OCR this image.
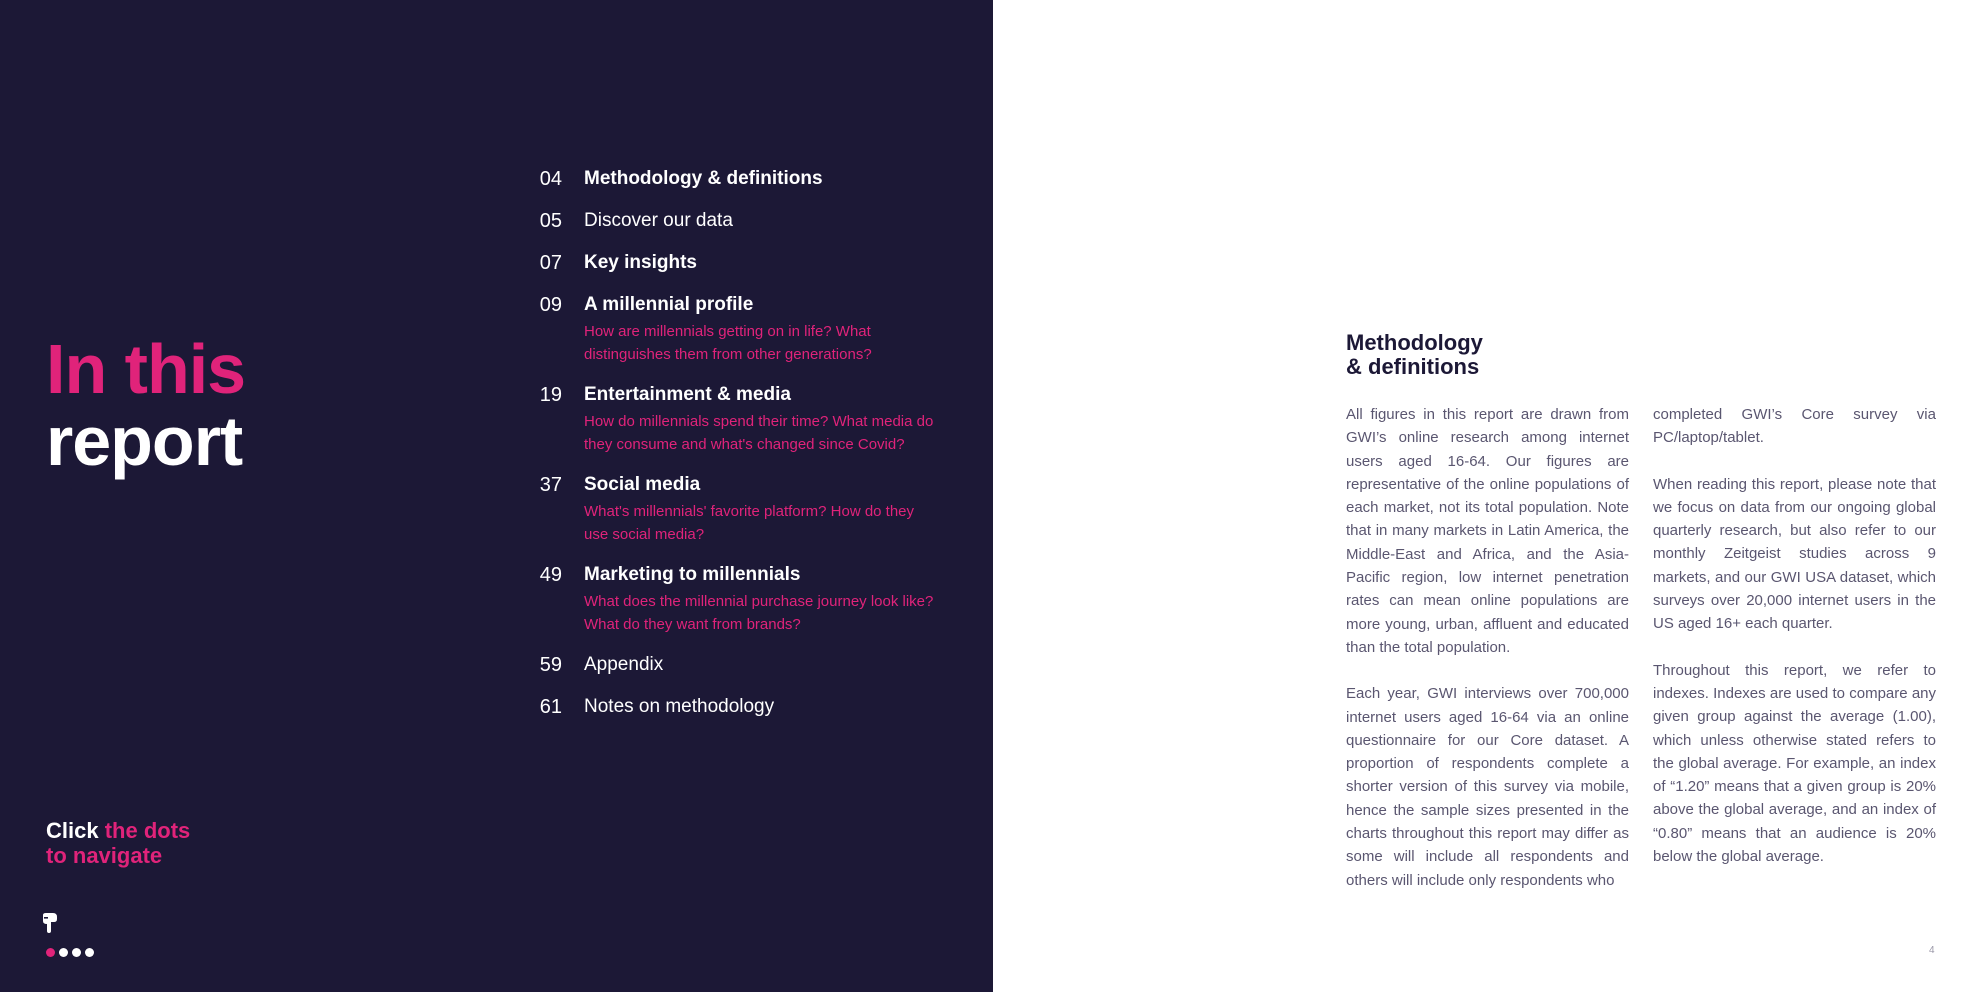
In this
report
04 Methodology & definitions
05 Discover our data
07 Key insights
09 A millennial profile
How are millennials getting on in life? What distinguishes them from other generations?
19 Entertainment & media
How do millennials spend their time? What media do they consume and what's changed since Covid?
37 Social media
What's millennials' favorite platform? How do they use social media?
49 Marketing to millennials
What does the millennial purchase journey look like? What do they want from brands?
59 Appendix
61 Notes on methodology
Click the dots
to navigate
Methodology
& definitions

All figures in this report are drawn from GWI’s online research among internet users aged 16-64. Our figures are representative of the online populations of each market, not its total population. Note that in many markets in Latin America, the Middle-East and Africa, and the Asia-Pacific region, low internet penetration rates can mean online populations are more young, urban, affluent and educated than the total population.

Each year, GWI interviews over 700,000 internet users aged 16-64 via an online questionnaire for our Core dataset. A proportion of respondents complete a shorter version of this survey via mobile, hence the sample sizes presented in the charts throughout this report may differ as some will include all respondents and others will include only respondents who

completed GWI’s Core survey via PC/laptop/tablet.

When reading this report, please note that we focus on data from our ongoing global quarterly research, but also refer to our monthly Zeitgeist studies across 9 markets, and our GWI USA dataset, which surveys over 20,000 internet users in the US aged 16+ each quarter.

Throughout this report, we refer to indexes. Indexes are used to compare any given group against the average (1.00), which unless otherwise stated refers to the global average. For example, an index of “1.20” means that a given group is 20% above the global average, and an index of “0.80” means that an audience is 20% below the global average.

4
